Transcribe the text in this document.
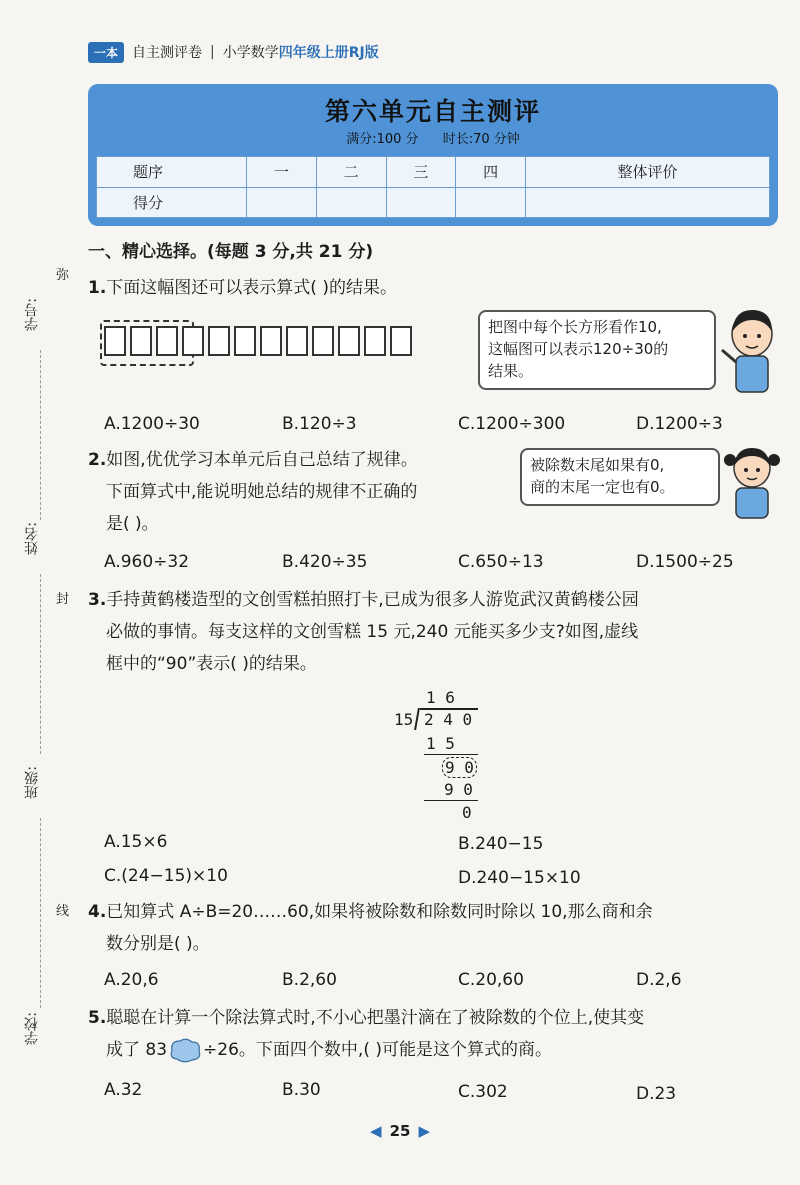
一本	自主测评卷 | 小学数学 四年级上册RJ版
第六单元自主测评
满分:100 分 时长:70 分钟
题序	一	二	三	四	整体评价
得分					
学号:
姓名:
班级:
学校:
弥
封
线
一、精心选择。(每题 3 分,共 21 分)
1.下面这幅图还可以表示算式( )的结果。
把图中每个长方形看作10,
这幅图可以表示120÷30的
结果。
A.1200÷30	B.120÷3	C.1200÷300	D.1200÷3
2.如图,优优学习本单元后自己总结了规律。
下面算式中,能说明她总结的规律不正确的
是( )。
被除数末尾如果有0,
商的末尾一定也有0。
A.960÷32	B.420÷35	C.650÷13	D.1500÷25
3.手持黄鹤楼造型的文创雪糕拍照打卡,已成为很多人游览武汉黄鹤楼公园
必做的事情。每支这样的文创雪糕 15 元,240 元能买多少支?如图,虚线
框中的“90”表示( )的结果。
1 6
15 2 4 0
1 5
9 0
9 0
0
A.15×6	B.240−15
C.(24−15)×10	D.240−15×10
4.已知算式 A÷B=20……60,如果将被除数和除数同时除以 10,那么商和余
数分别是( )。
A.20,6	B.2,60	C.20,60	D.2,6
5.聪聪在计算一个除法算式时,不小心把墨汁滴在了被除数的个位上,使其变
成了 83 ÷26。下面四个数中,( )可能是这个算式的商。
A.32	B.30	C.302	D.23
◀ 25 ▶
